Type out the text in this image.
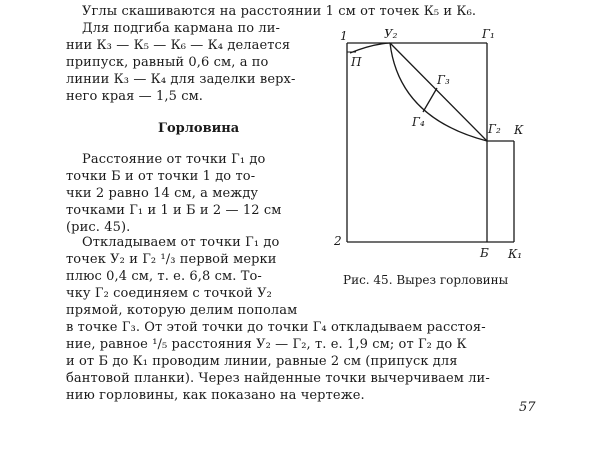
Углы скашиваются на расстоянии 1 см от точек К₅ и К₆.

Для подгиба кармана по ли-

нии К₃ — К₅ — К₆ — К₄ делается

припуск, равный 0,6 см, а по

линии К₃ — К₄ для заделки верх-

него края — 1,5 см.

Горловина

Расстояние от точки Г₁ до

точки Б и от точки 1 до то-

чки 2 равно 14 см, а между

точками Г₁ и 1 и Б и 2 — 12 см

(рис. 45).

Откладываем от точки Г₁ до

точек У₂ и Г₂ ¹/₃ первой мерки

плюс 0,4 см, т. е. 6,8 см. То-

чку Г₂ соединяем с точкой У₂

прямой, которую делим пополам

в точке Г₃. От этой точки до точки Г₄ откладываем расстоя-

ние, равное ¹/₅ расстояния У₂ — Г₂, т. е. 1,9 см; от Г₂ до К

и от Б до К₁ проводим линии, равные 2 см (припуск для

бантовой планки). Через найденные точки вычерчиваем ли-

нию горловины, как показано на чертеже.

1
П
У₂	Г₁
Г₃
Г₄	Г₂ К
2
Б К₁

Рис. 45. Вырез горловины

57
